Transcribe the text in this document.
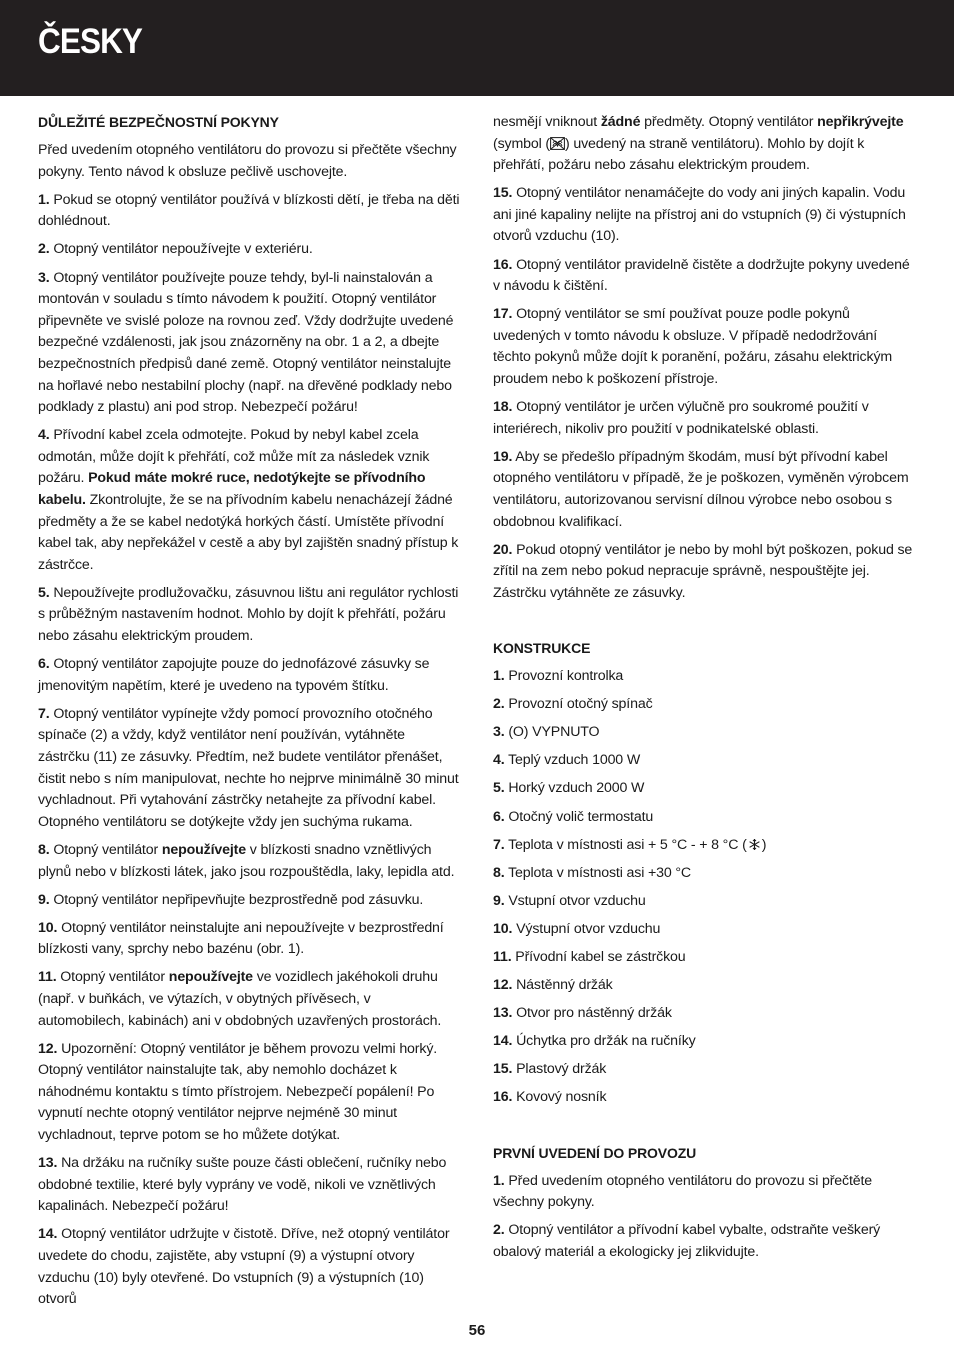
ČESKY
DŮLEŽITÉ BEZPEČNOSTNÍ POKYNY

Před uvedením otopného ventilátoru do provozu si přečtěte všechny pokyny. Tento návod k obsluze pečlivě uschovejte.

1. Pokud se otopný ventilátor používá v blízkosti dětí, je třeba na děti dohlédnout.

2. Otopný ventilátor nepoužívejte v exteriéru.

3. Otopný ventilátor používejte pouze tehdy, byl-li nainstalován a montován v souladu s tímto návodem k použití. Otopný ventilátor připevněte ve svislé poloze na rovnou zeď. Vždy dodržujte uvedené bezpečné vzdálenosti, jak jsou znázorněny na obr. 1 a 2, a dbejte bezpečnostních předpisů dané země. Otopný ventilátor neinstalujte na hořlavé nebo nestabilní plochy (např. na dřevěné podklady nebo podklady z plastu) ani pod strop. Nebezpečí požáru!

4. Přívodní kabel zcela odmotejte. Pokud by nebyl kabel zcela odmotán, může dojít k přehřátí, což může mít za následek vznik požáru. Pokud máte mokré ruce, nedotýkejte se přívodního kabelu. Zkontrolujte, že se na přívodním kabelu nenacházejí žádné předměty a že se kabel nedotýká horkých částí. Umístěte přívodní kabel tak, aby nepřekážel v cestě a aby byl zajištěn snadný přístup k zástrčce.

5. Nepoužívejte prodlužovačku, zásuvnou lištu ani regulátor rychlosti s průběžným nastavením hodnot. Mohlo by dojít k přehřátí, požáru nebo zásahu elektrickým proudem.

6. Otopný ventilátor zapojujte pouze do jednofázové zásuvky se jmenovitým napětím, které je uvedeno na typovém štítku.

7. Otopný ventilátor vypínejte vždy pomocí provozního otočného spínače (2) a vždy, když ventilátor není používán, vytáhněte zástrčku (11) ze zásuvky. Předtím, než budete ventilátor přenášet, čistit nebo s ním manipulovat, nechte ho nejprve minimálně 30 minut vychladnout. Při vytahování zástrčky netahejte za přívodní kabel. Otopného ventilátoru se dotýkejte vždy jen suchýma rukama.

8. Otopný ventilátor nepoužívejte v blízkosti snadno vznětlivých plynů nebo v blízkosti látek, jako jsou rozpouštědla, laky, lepidla atd.

9. Otopný ventilátor nepřipevňujte bezprostředně pod zásuvku.

10. Otopný ventilátor neinstalujte ani nepoužívejte v bezprostřední blízkosti vany, sprchy nebo bazénu (obr. 1).

11. Otopný ventilátor nepoužívejte ve vozidlech jakéhokoli druhu (např. v buňkách, ve výtazích, v obytných přívěsech, v automobilech, kabinách) ani v obdobných uzavřených prostorách.

12. Upozornění: Otopný ventilátor je během provozu velmi horký. Otopný ventilátor nainstalujte tak, aby nemohlo docházet k náhodnému kontaktu s tímto přístrojem. Nebezpečí popálení! Po vypnutí nechte otopný ventilátor nejprve nejméně 30 minut vychladnout, teprve potom se ho můžete dotýkat.

13. Na držáku na ručníky sušte pouze části oblečení, ručníky nebo obdobné textilie, které byly vyprány ve vodě, nikoli ve vznětlivých kapalinách. Nebezpečí požáru!

14. Otopný ventilátor udržujte v čistotě. Dříve, než otopný ventilátor uvedete do chodu, zajistěte, aby vstupní (9) a výstupní otvory vzduchu (10) byly otevřené. Do vstupních (9) a výstupních (10) otvorů

nesmějí vniknout žádné předměty. Otopný ventilátor nepřikrývejte (symbol ( ) uvedený na straně ventilátoru). Mohlo by dojít k přehřátí, požáru nebo zásahu elektrickým proudem.

15. Otopný ventilátor nenamáčejte do vody ani jiných kapalin. Vodu ani jiné kapaliny nelijte na přístroj ani do vstupních (9) či výstupních otvorů vzduchu (10).

16. Otopný ventilátor pravidelně čistěte a dodržujte pokyny uvedené v návodu k čištění.

17. Otopný ventilátor se smí používat pouze podle pokynů uvedených v tomto návodu k obsluze. V případě nedodržování těchto pokynů může dojít k poranění, požáru, zásahu elektrickým proudem nebo k poškození přístroje.

18. Otopný ventilátor je určen výlučně pro soukromé použití v interiérech, nikoliv pro použití v podnikatelské oblasti.

19. Aby se předešlo případným škodám, musí být přívodní kabel otopného ventilátoru v případě, že je poškozen, vyměněn výrobcem ventilátoru, autorizovanou servisní dílnou výrobce nebo osobou s obdobnou kvalifikací.

20. Pokud otopný ventilátor je nebo by mohl být poškozen, pokud se zřítil na zem nebo pokud nepracuje správně, nespouštějte jej. Zástrčku vytáhněte ze zásuvky.

KONSTRUKCE

1. Provozní kontrolka

2. Provozní otočný spínač

3. (O) VYPNUTO

4. Teplý vzduch 1000 W

5. Horký vzduch 2000 W

6. Otočný volič termostatu

7. Teplota v místnosti asi + 5 °C - + 8 °C ( )

8. Teplota v místnosti asi +30 °C

9. Vstupní otvor vzduchu

10. Výstupní otvor vzduchu

11. Přívodní kabel se zástrčkou

12. Nástěnný držák

13. Otvor pro nástěnný držák

14. Úchytka pro držák na ručníky

15. Plastový držák

16. Kovový nosník

PRVNÍ UVEDENÍ DO PROVOZU

1. Před uvedením otopného ventilátoru do provozu si přečtěte všechny pokyny.

2. Otopný ventilátor a přívodní kabel vybalte, odstraňte veškerý obalový materiál a ekologicky jej zlikvidujte.

56
